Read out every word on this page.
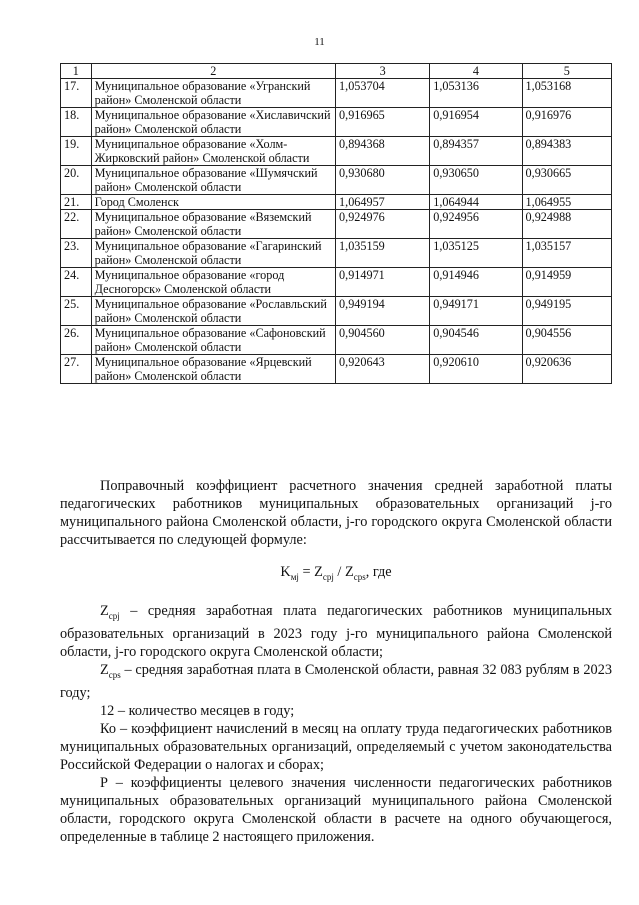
11
1	2	3	4	5
17.	Муниципальное образование «Угранский район» Смоленской области	1,053704	1,053136	1,053168
18.	Муниципальное образование «Хиславичский район» Смоленской области	0,916965	0,916954	0,916976
19.	Муниципальное образование «Холм-Жирковский район» Смоленской области	0,894368	0,894357	0,894383
20.	Муниципальное образование «Шумячский район» Смоленской области	0,930680	0,930650	0,930665
21.	Город Смоленск	1,064957	1,064944	1,064955
22.	Муниципальное образование «Вяземский район» Смоленской области	0,924976	0,924956	0,924988
23.	Муниципальное образование «Гагаринский район» Смоленской области	1,035159	1,035125	1,035157
24.	Муниципальное образование «город Десногорск» Смоленской области	0,914971	0,914946	0,914959
25.	Муниципальное образование «Рославльский район» Смоленской области	0,949194	0,949171	0,949195
26.	Муниципальное образование «Сафоновский район» Смоленской области	0,904560	0,904546	0,904556
27.	Муниципальное образование «Ярцевский район» Смоленской области	0,920643	0,920610	0,920636

Поправочный коэффициент расчетного значения средней заработной платы педагогических работников муниципальных образовательных организаций j-го муниципального района Смоленской области, j-го городского округа Смоленской области рассчитывается по следующей формуле:

$K_{мj} = Z_{срj} / Z_{срs}$, где

$Z_{срj}$ – средняя заработная плата педагогических работников муниципальных образовательных организаций в 2023 году j-го муниципального района Смоленской области, j-го городского округа Смоленской области;

$Z_{срs}$ – средняя заработная плата в Смоленской области, равная 32 083 рублям в 2023 году;

12 – количество месяцев в году;

Ко – коэффициент начислений в месяц на оплату труда педагогических работников муниципальных образовательных организаций, определяемый с учетом законодательства Российской Федерации о налогах и сборах;

Р – коэффициенты целевого значения численности педагогических работников муниципальных образовательных организаций муниципального района Смоленской области, городского округа Смоленской области в расчете на одного обучающегося, определенные в таблице 2 настоящего приложения.
